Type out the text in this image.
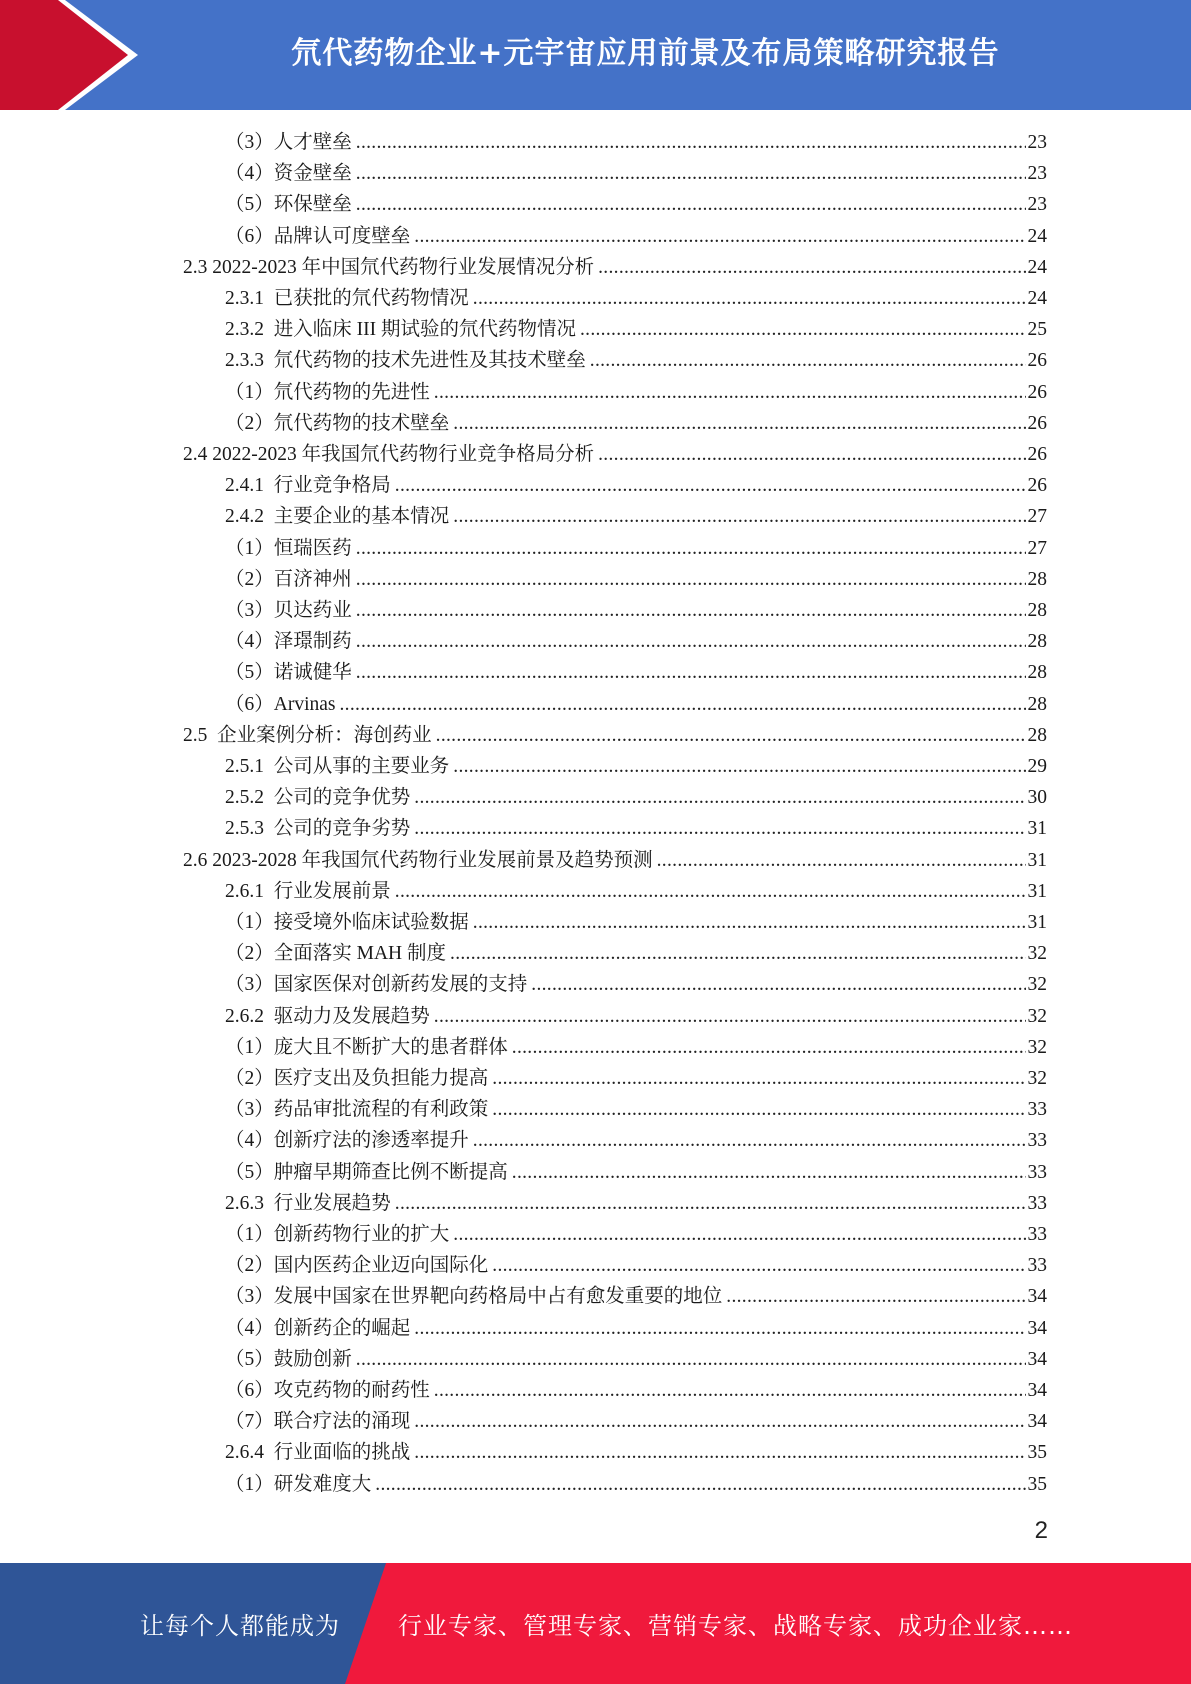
氘代药物企业+元宇宙应用前景及布局策略研究报告
（3）人才壁垒 .....	23
（4）资金壁垒 .....	23
（5）环保壁垒 .....	23
（6）品牌认可度壁垒 .....	24
2.3 2022-2023 年中国氘代药物行业发展情况分析 .....	24
2.3.1  已获批的氘代药物情况 .....	24
2.3.2  进入临床 III 期试验的氘代药物情况 .....	25
2.3.3  氘代药物的技术先进性及其技术壁垒 .....	26
（1）氘代药物的先进性 .....	26
（2）氘代药物的技术壁垒 .....	26
2.4 2022-2023 年我国氘代药物行业竞争格局分析 .....	26
2.4.1  行业竞争格局 .....	26
2.4.2  主要企业的基本情况 .....	27
（1）恒瑞医药 .....	27
（2）百济神州 .....	28
（3）贝达药业 .....	28
（4）泽璟制药 .....	28
（5）诺诚健华 .....	28
（6）Arvinas .....	28
2.5  企业案例分析：海创药业 .....	28
2.5.1  公司从事的主要业务 .....	29
2.5.2  公司的竞争优势 .....	30
2.5.3  公司的竞争劣势 .....	31
2.6 2023-2028 年我国氘代药物行业发展前景及趋势预测 .....	31
2.6.1  行业发展前景 .....	31
（1）接受境外临床试验数据 .....	31
（2）全面落实 MAH 制度 .....	32
（3）国家医保对创新药发展的支持 .....	32
2.6.2  驱动力及发展趋势 .....	32
（1）庞大且不断扩大的患者群体 .....	32
（2）医疗支出及负担能力提高 .....	32
（3）药品审批流程的有利政策 .....	33
（4）创新疗法的渗透率提升 .....	33
（5）肿瘤早期筛查比例不断提高 .....	33
2.6.3  行业发展趋势 .....	33
（1）创新药物行业的扩大 .....	33
（2）国内医药企业迈向国际化 .....	33
（3）发展中国家在世界靶向药格局中占有愈发重要的地位 .....	34
（4）创新药企的崛起 .....	34
（5）鼓励创新 .....	34
（6）攻克药物的耐药性 .....	34
（7）联合疗法的涌现 .....	34
2.6.4  行业面临的挑战 .....	35
（1）研发难度大 .....	35
2
让每个人都能成为 行业专家、管理专家、营销专家、战略专家、成功企业家……
